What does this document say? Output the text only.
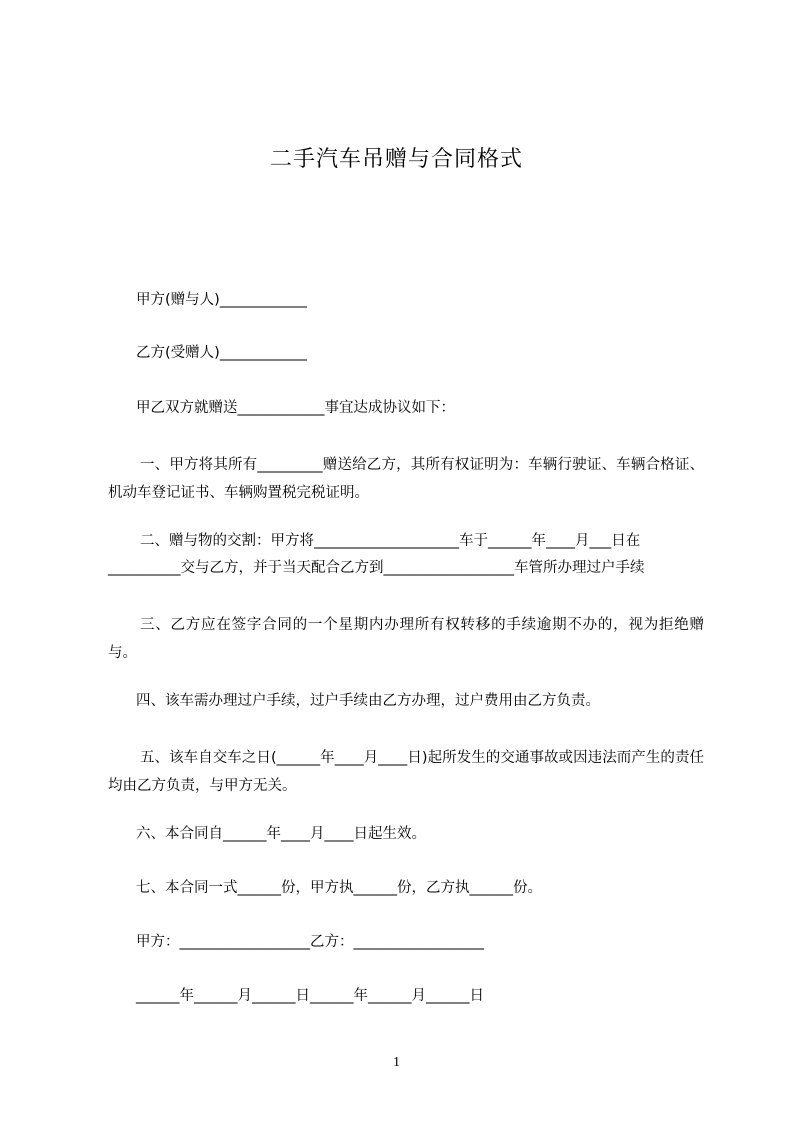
二手汽车吊赠与合同格式
甲方(赠与人)____________
乙方(受赠人)____________
甲乙双方就赠送____________事宜达成协议如下：
一、甲方将其所有_________赠送给乙方，其所有权证明为：车辆行驶证、车辆合格证、机动车登记证书、车辆购置税完税证明。
二、赠与物的交割：甲方将____________________车于______年____月___日在
__________交与乙方，并于当天配合乙方到__________________车管所办理过户手续
三、乙方应在签字合同的一个星期内办理所有权转移的手续逾期不办的，视为拒绝赠与。
四、该车需办理过户手续，过户手续由乙方办理，过户费用由乙方负责。
五、该车自交车之日(______年____月____日)起所发生的交通事故或因违法而产生的责任均由乙方负责，与甲方无关。
六、本合同自______年____月____日起生效。
七、本合同一式______份，甲方执______份，乙方执______份。
甲方：__________________乙方：__________________
______年______月______日______年______月______日
1
